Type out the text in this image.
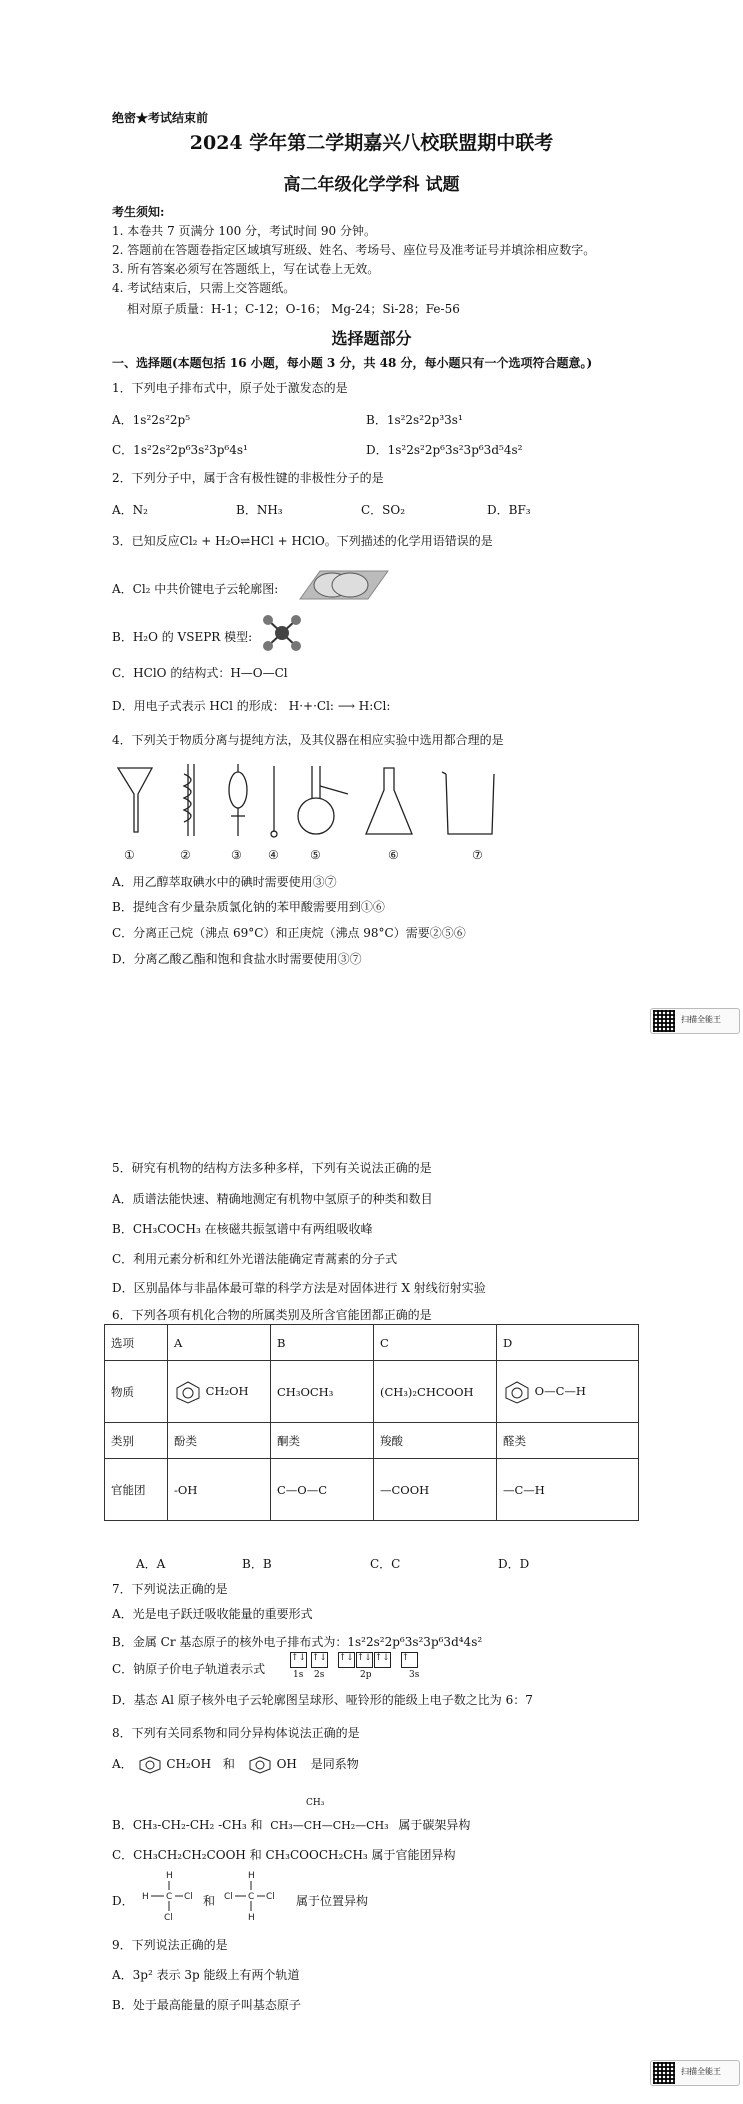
绝密★考试结束前
2024 学年第二学期嘉兴八校联盟期中联考
高二年级化学学科 试题
考生须知:
1. 本卷共 7 页满分 100 分，考试时间 90 分钟。
2. 答题前在答题卷指定区域填写班级、姓名、考场号、座位号及准考证号并填涂相应数字。
3. 所有答案必须写在答题纸上，写在试卷上无效。
4. 考试结束后，只需上交答题纸。
相对原子质量：H-1；C-12；O-16； Mg-24；Si-28；Fe-56
选择题部分
一、选择题(本题包括 16 小题，每小题 3 分，共 48 分，每小题只有一个选项符合题意。)
1．下列电子排布式中，原子处于激发态的是
A．1s²2s²2p⁵	B．1s²2s²2p³3s¹
C．1s²2s²2p⁶3s²3p⁶4s¹	D．1s²2s²2p⁶3s²3p⁶3d⁵4s²
2．下列分子中，属于含有极性键的非极性分子的是
A．N₂	B．NH₃	C．SO₂	D．BF₃
3．已知反应Cl₂ + H₂O⇌HCl + HClO。下列描述的化学用语错误的是
A．Cl₂ 中共价键电子云轮廓图:
B．H₂O 的 VSEPR 模型:
C．HClO 的结构式：H—O—Cl
D．用电子式表示 HCl 的形成： H·+·Cl: ⟶ H:Cl:
4．下列关于物质分离与提纯方法，及其仪器在相应实验中选用都合理的是
①	②	③ ④	⑤	⑥	⑦
A．用乙醇萃取碘水中的碘时需要使用③⑦
B．提纯含有少量杂质氯化钠的苯甲酸需要用到①⑥
C．分离正己烷（沸点 69°C）和正庚烷（沸点 98°C）需要②⑤⑥
D．分离乙酸乙酯和饱和食盐水时需要使用③⑦
扫描全能王
5．研究有机物的结构方法多种多样，下列有关说法正确的是
A．质谱法能快速、精确地测定有机物中氢原子的种类和数目
B．CH₃COCH₃ 在核磁共振氢谱中有两组吸收峰
C．利用元素分析和红外光谱法能确定青蒿素的分子式
D．区别晶体与非晶体最可靠的科学方法是对固体进行 X 射线衍射实验
6．下列各项有机化合物的所属类别及所含官能团都正确的是
选项	A	B	C	D
物质	CH₂OH	CH₃OCH₃	(CH₃)₂CHCOOH	O—C—H
类别	酚类	酮类	羧酸	醛类
官能团	-OH	C—O—C	—COOH	—C—H
A．A	B．B	C．C	D．D
7．下列说法正确的是
A．光是电子跃迁吸收能量的重要形式
B．金属 Cr 基态原子的核外电子排布式为：1s²2s²2p⁶3s²3p⁶3d⁴4s²
C．钠原子价电子轨道表示式
↑↓ ↑↓ ↑↓ ↑↓ ↑↓ ↑
1s 2s	2p	3s
D．基态 Al 原子核外电子云轮廓图呈球形、哑铃形的能级上电子数之比为 6：7
8．下列有关同系物和同分异构体说法正确的是
A．	CH₂OH 和	OH 是同系物
CH₃
B．CH₃-CH₂-CH₂ -CH₃ 和 CH₃—CH—CH₂—CH₃ 属于碳架异构
C．CH₃CH₂CH₂COOH 和 CH₃COOCH₂CH₃ 属于官能团异构
D．
H
H C Cl
Cl
和
H
Cl C Cl
H
属于位置异构
9．下列说法正确的是
A．3p² 表示 3p 能级上有两个轨道
B．处于最高能量的原子叫基态原子
扫描全能王
